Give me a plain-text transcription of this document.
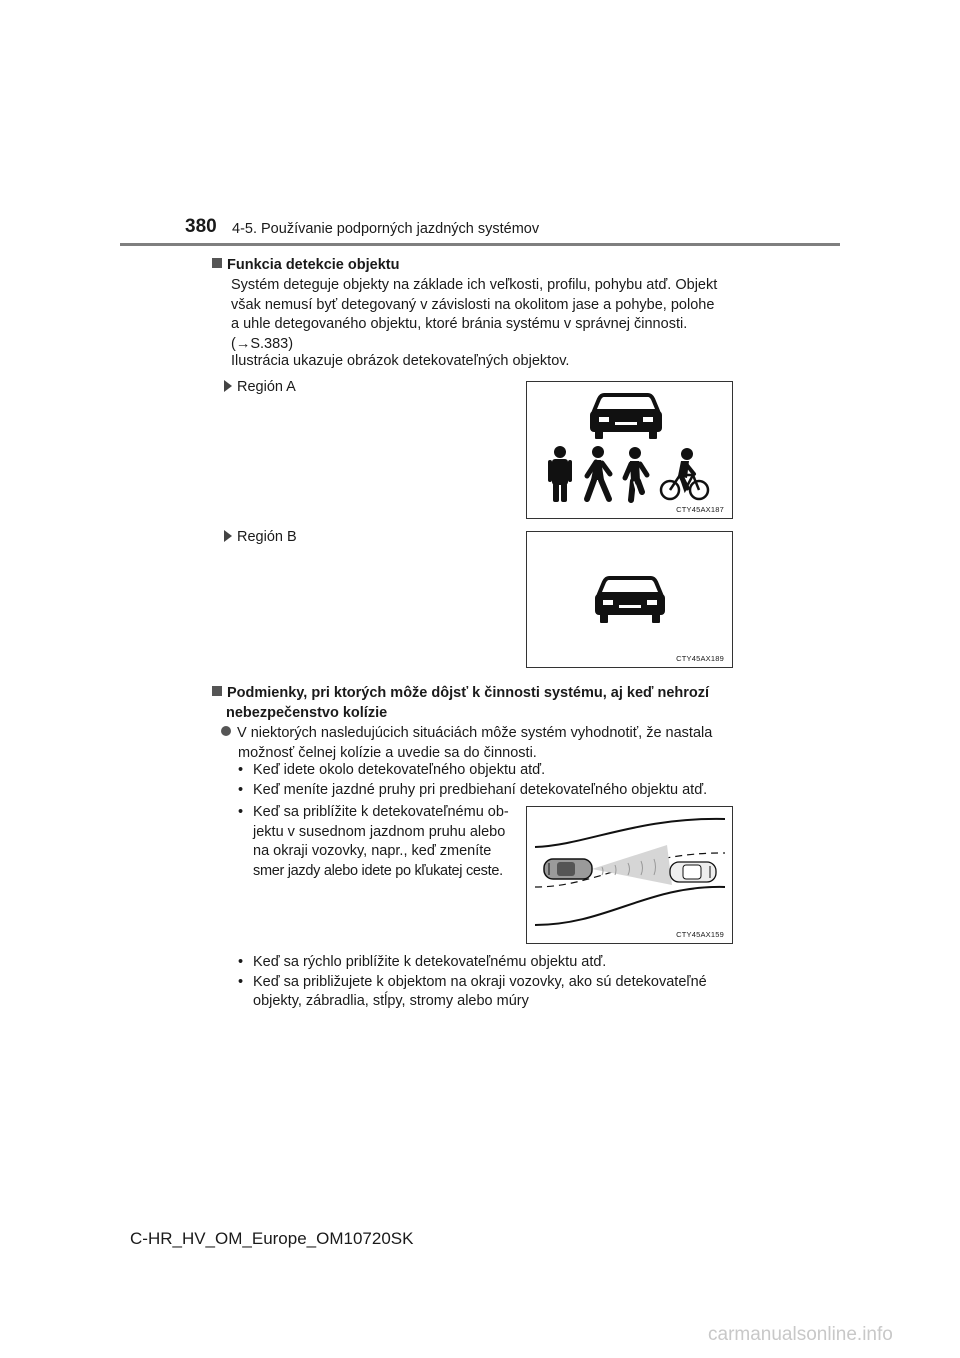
380 4-5. Používanie podporných jazdných systémov
Funkcia detekcie objektu
Systém deteguje objekty na základe ich veľkosti, profilu, pohybu atď. Objekt
však nemusí byť detegovaný v závislosti na okolitom jase a pohybe, polohe
a uhle detegovaného objektu, ktoré bránia systému v správnej činnosti.
(→S.383)
Ilustrácia ukazuje obrázok detekovateľných objektov.
Región A
CTY45AX187
Región B
CTY45AX189
Podmienky, pri ktorých môže dôjsť k činnosti systému, aj keď nehrozí
nebezpečenstvo kolízie
V niektorých nasledujúcich situáciách môže systém vyhodnotiť, že nastala
možnosť čelnej kolízie a uvedie sa do činnosti.
• Keď idete okolo detekovateľného objektu atď.
• Keď meníte jazdné pruhy pri predbiehaní detekovateľného objektu atď.
• Keď sa priblížite k detekovateľnému ob-
jektu v susednom jazdnom pruhu alebo
na okraji vozovky, napr., keď zmeníte
smer jazdy alebo idete po kľukatej ceste.
CTY45AX159
• Keď sa rýchlo priblížite k detekovateľnému objektu atď.
• Keď sa približujete k objektom na okraji vozovky, ako sú detekovateľné
objekty, zábradlia, stĺpy, stromy alebo múry
C-HR_HV_OM_Europe_OM10720SK
carmanualsonline.info
